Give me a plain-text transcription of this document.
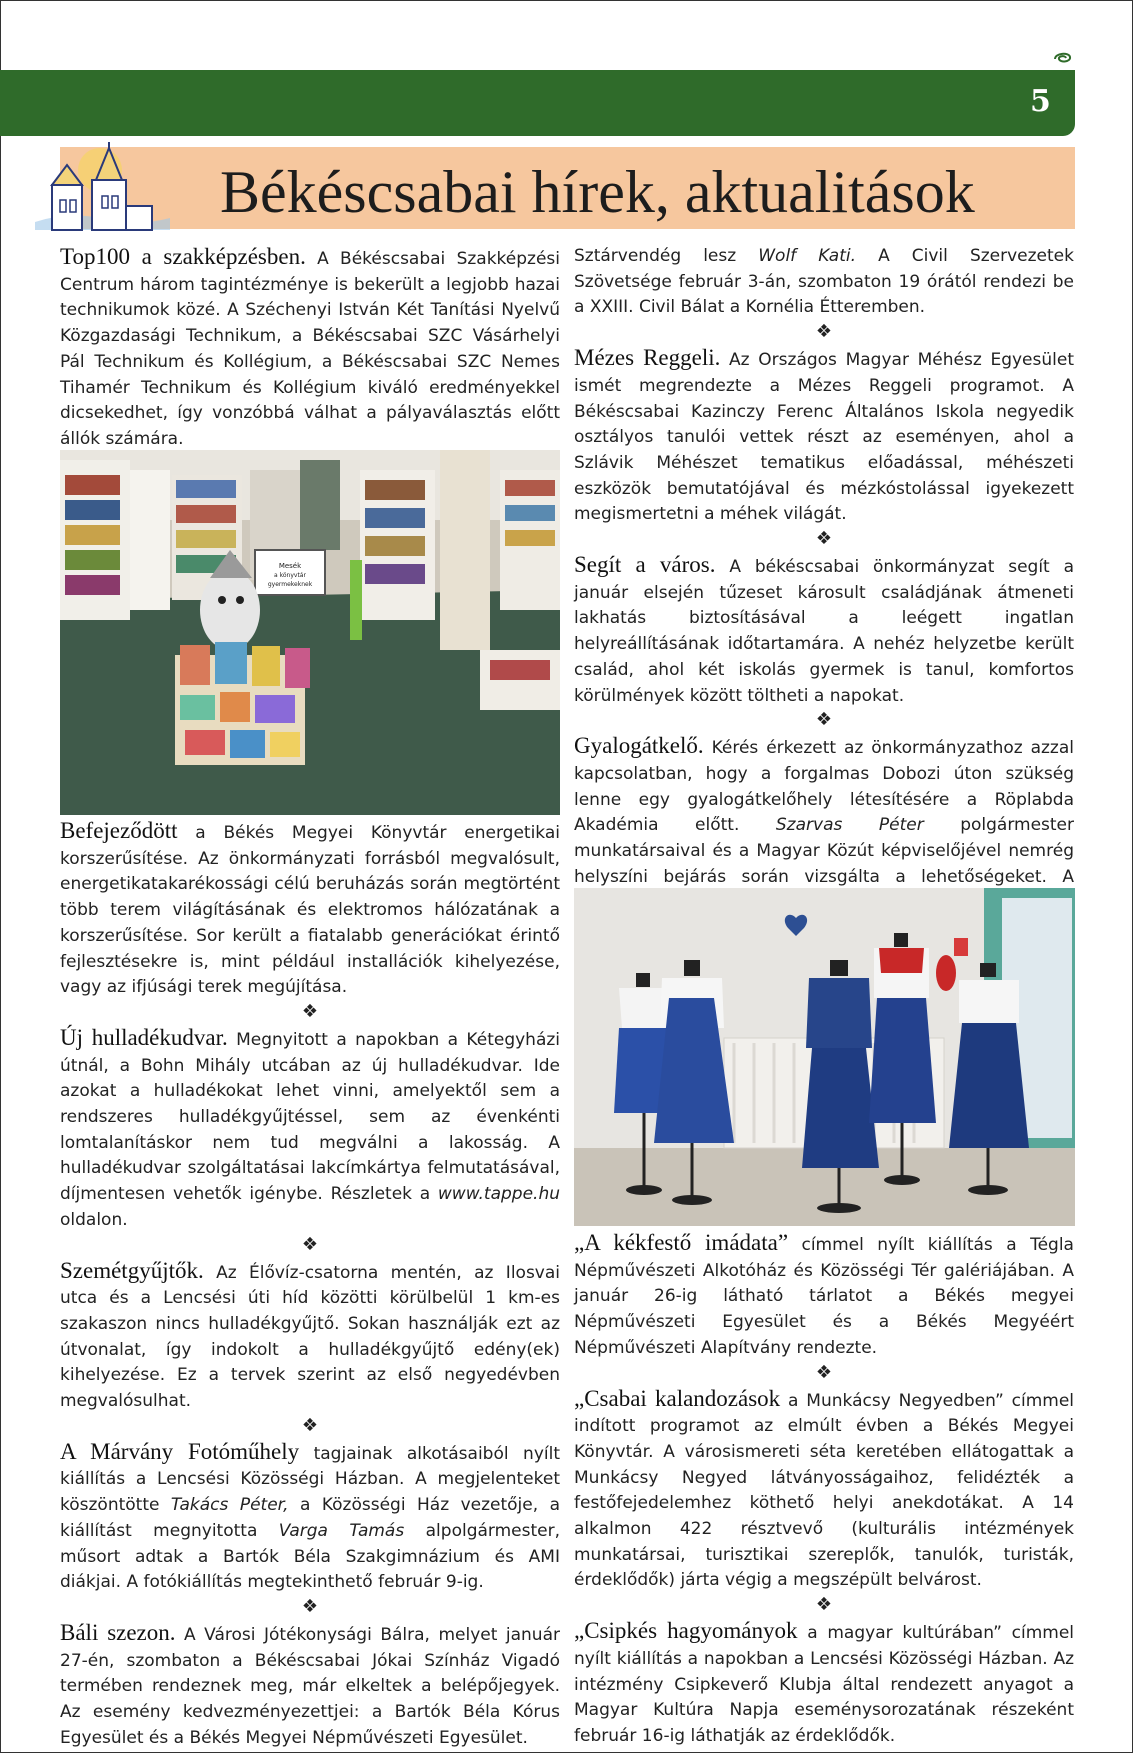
CSABAIAKTUÁLIS
5
Békéscsabai hírek, aktualitások

Top100 a szakképzésben. A Békéscsabai Szakképzési Centrum három tagintézménye is bekerült a legjobb hazai technikumok közé. A Széchenyi István Két Tanítási Nyelvű Közgazdasági Technikum, a Békéscsabai SZC Vásárhelyi Pál Technikum és Kollégium, a Békéscsabai SZC Nemes Tihamér Technikum és Kollégium kiváló eredményekkel dicsekedhet, így vonzóbbá válhat a pályaválasztás előtt állók számára.

Mesék
a könyvtár
gyermekeknek

Befejeződött a Békés Megyei Könyvtár energetikai korszerűsítése. Az önkormányzati forrásból megvalósult, energetikatakarékossági célú beruházás során megtörtént több terem világításának és elektromos hálózatának a korszerűsítése. Sor került a fiatalabb generációkat érintő fejlesztésekre is, mint például installációk kihelyezése, vagy az ifjúsági terek megújítása.

❖

Új hulladékudvar. Megnyitott a napokban a Kétegyházi útnál, a Bohn Mihály utcában az új hulladékudvar. Ide azokat a hulladékokat lehet vinni, amelyektől sem a rendszeres hulladékgyűjtéssel, sem az évenkénti lomtalanításkor nem tud megválni a lakosság. A hulladékudvar szolgáltatásai lakcímkártya felmutatásával, díjmentesen vehetők igénybe. Részletek a www.tappe.hu oldalon.

❖

Szemétgyűjtők. Az Élővíz-csatorna mentén, az Ilosvai utca és a Lencsési úti híd közötti körülbelül 1 km-es szakaszon nincs hulladékgyűjtő. Sokan használják ezt az útvonalat, így indokolt a hulladékgyűjtő edény(ek) kihelyezése. Ez a tervek szerint az első negyedévben megvalósulhat.

❖

A Márvány Fotóműhely tagjainak alkotásaiból nyílt kiállítás a Lencsési Közösségi Házban. A megjelenteket köszöntötte Takács Péter, a Közösségi Ház vezetője, a kiállítást megnyitotta Varga Tamás alpolgármester, műsort adtak a Bartók Béla Szakgimnázium és AMI diákjai. A fotókiállítás megtekinthető február 9-ig.

❖

Báli szezon. A Városi Jótékonysági Bálra, melyet január 27-én, szombaton a Békéscsabai Jókai Színház Vigadó termében rendeznek meg, már elkeltek a belépőjegyek. Az esemény kedvezményezettjei: a Bartók Béla Kórus Egyesület és a Békés Megyei Népművészeti Egyesület.

Sztárvendég lesz Wolf Kati. A Civil Szervezetek Szövetsége február 3-án, szombaton 19 órától rendezi be a XXIII. Civil Bálat a Kornélia Étteremben.

❖

Mézes Reggeli. Az Országos Magyar Méhész Egyesület ismét megrendezte a Mézes Reggeli programot. A Békéscsabai Kazinczy Ferenc Általános Iskola negyedik osztályos tanulói vettek részt az eseményen, ahol a Szlávik Méhészet tematikus előadással, méhészeti eszközök bemutatójával és mézkóstolással igyekezett megismertetni a méhek világát.

❖

Segít a város. A békéscsabai önkormányzat segít a január elsején tűzeset károsult családjának átmeneti lakhatás biztosításával a leégett ingatlan helyreállításának időtartamára. A nehéz helyzetbe került család, ahol két iskolás gyermek is tanul, komfortos körülmények között töltheti a napokat.

❖

Gyalogátkelő. Kérés érkezett az önkormányzathoz azzal kapcsolatban, hogy a forgalmas Dobozi úton szükség lenne egy gyalogátkelőhely létesítésére a Röplabda Akadémia előtt. Szarvas Péter polgármester munkatársaival és a Magyar Közút képviselőjével nemrég helyszíni bejárás során vizsgálta a lehetőségeket. A

„A kékfestő imádata” címmel nyílt kiállítás a Tégla Népművészeti Alkotóház és Közösségi Tér galériájában. A január 26-ig látható tárlatot a Békés megyei Népművészeti Egyesület és a Békés Megyéért Népművészeti Alapítvány rendezte.

❖

„Csabai kalandozások a Munkácsy Negyedben” címmel indított programot az elmúlt évben a Békés Megyei Könyvtár. A városismereti séta keretében ellátogattak a Munkácsy Negyed látványosságaihoz, felidézték a festőfejedelemhez köthető helyi anekdotákat. A 14 alkalmon 422 résztvevő (kulturális intézmények munkatársai, turisztikai szereplők, tanulók, turisták, érdeklődők) járta végig a megszépült belvárost.

❖

„Csipkés hagyományok a magyar kultúrában” címmel nyílt kiállítás a napokban a Lencsési Közösségi Házban. Az intézmény Csipkeverő Klubja által rendezett anyagot a Magyar Kultúra Napja eseménysorozatának részeként február 16-ig láthatják az érdeklődők.
